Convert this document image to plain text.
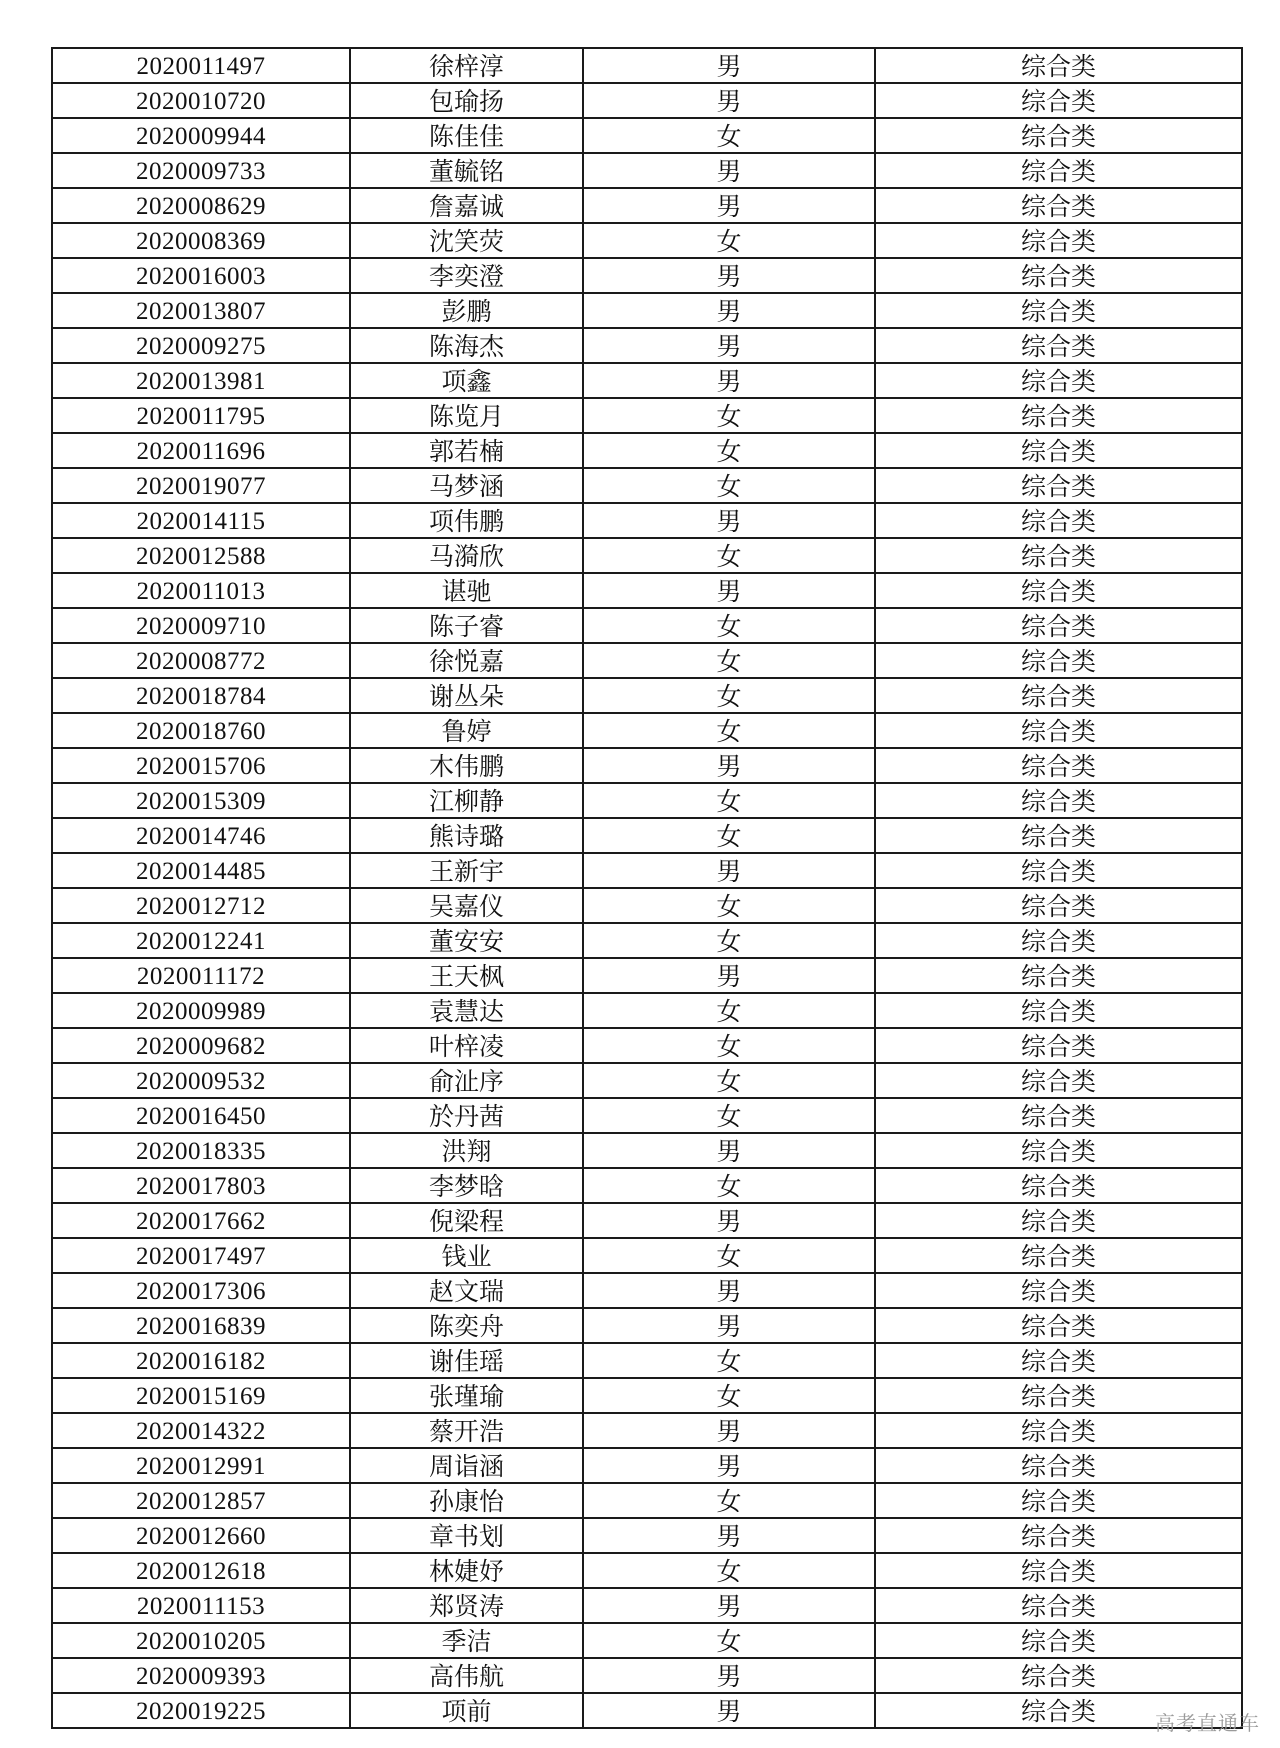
2020011497	徐梓淳	男	综合类
2020010720	包瑜扬	男	综合类
2020009944	陈佳佳	女	综合类
2020009733	董毓铭	男	综合类
2020008629	詹嘉诚	男	综合类
2020008369	沈笑荧	女	综合类
2020016003	李奕澄	男	综合类
2020013807	彭鹏	男	综合类
2020009275	陈海杰	男	综合类
2020013981	项鑫	男	综合类
2020011795	陈览月	女	综合类
2020011696	郭若楠	女	综合类
2020019077	马梦涵	女	综合类
2020014115	项伟鹏	男	综合类
2020012588	马漪欣	女	综合类
2020011013	谌驰	男	综合类
2020009710	陈子睿	女	综合类
2020008772	徐悦嘉	女	综合类
2020018784	谢丛朵	女	综合类
2020018760	鲁婷	女	综合类
2020015706	木伟鹏	男	综合类
2020015309	江柳静	女	综合类
2020014746	熊诗璐	女	综合类
2020014485	王新宇	男	综合类
2020012712	吴嘉仪	女	综合类
2020012241	董安安	女	综合类
2020011172	王天枫	男	综合类
2020009989	袁慧达	女	综合类
2020009682	叶梓凌	女	综合类
2020009532	俞沚序	女	综合类
2020016450	於丹茜	女	综合类
2020018335	洪翔	男	综合类
2020017803	李梦晗	女	综合类
2020017662	倪梁程	男	综合类
2020017497	钱业	女	综合类
2020017306	赵文瑞	男	综合类
2020016839	陈奕舟	男	综合类
2020016182	谢佳瑶	女	综合类
2020015169	张瑾瑜	女	综合类
2020014322	蔡开浩	男	综合类
2020012991	周诣涵	男	综合类
2020012857	孙康怡	女	综合类
2020012660	章书划	男	综合类
2020012618	林婕妤	女	综合类
2020011153	郑贤涛	男	综合类
2020010205	季洁	女	综合类
2020009393	高伟航	男	综合类
2020019225	项前	男	综合类	高考直通车
